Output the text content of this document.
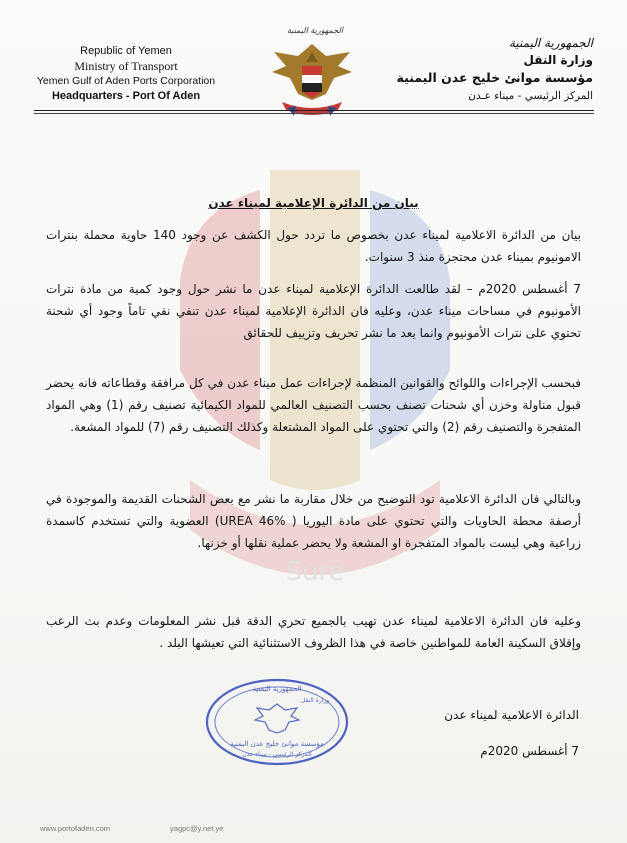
Sure
Republic of Yemen
Ministry of Transport
Yemen Gulf of Aden Ports Corporation
Headquarters - Port Of Aden
الجمهورية اليمنية
الجمهورية اليمنية
وزارة النقل
مؤسسة موانئ خليج عدن اليمنية
المركز الرئيسي - ميناء عـدن
بيان من الدائرة الإعلامية لميناء عدن
بيان من الدائرة الاعلامية لميناء عدن بخصوص ما تردد حول الكشف عن وجود 140 حاوية محملة بنترات الامونيوم بميناء عدن محتجزة منذ 3 سنوات.
7 أغسطس 2020م – لقد طالعت الدائرة الإعلامية لميناء عدن ما نشر حول وجود كمية من مادة نترات الأمونيوم في مساحات ميناء عدن، وعليه فان الدائرة الإعلامية لميناء عدن تنفي نفي تاماً وجود أي شحنة تحتوي على نترات الأمونيوم وانما يعد ما نشر تحريف وتزييف للحقائق
فبحسب الإجراءات واللوائح والقوانين المنظمة لإجراءات عمل ميناء عدن في كل مرافقة وقطاعاته فانه يحضر قبول مناولة وخزن أي شحنات تصنف بحسب التصنيف العالمي للمواد الكيمائية تصنيف رقم (1) وهي المواد المتفجرة والتصنيف رقم (2) والتي تحتوي على المواد المشتعلة وكذلك التصنيف رقم (7) للمواد المشعة.
وبالتالي فان الدائرة الاعلامية تود التوضيح من خلال مقاربة ما نشر مع بعض الشحنات القديمة والموجودة في أرصفة محطة الحاويات والتي تحتوي على مادة اليوريا ( UREA 46%) العضوية والتي تستخدم كاسمدة زراعية وهي ليست بالمواد المتفجرة او المشعة ولا يحضر عملية نقلها أو خزنها.
وعليه فان الدائرة الاعلامية لميناء عدن تهيب بالجميع تحري الدقة قبل نشر المعلومات وعدم بث الرعب وإقلاق السكينة العامة للمواطنين خاصة في هذا الظروف الاستثنائية التي تعيشها البلد .
الدائرة الاعلامية لميناء عدن
7 أغسطس 2020م
الجمهورية اليمنية
وزارة النقل
مؤسسة موانئ خليج عدن اليمنية
المركز الرئيسي - ميناء عدن
www.portofaden.com	yagpc@y.net.ye
